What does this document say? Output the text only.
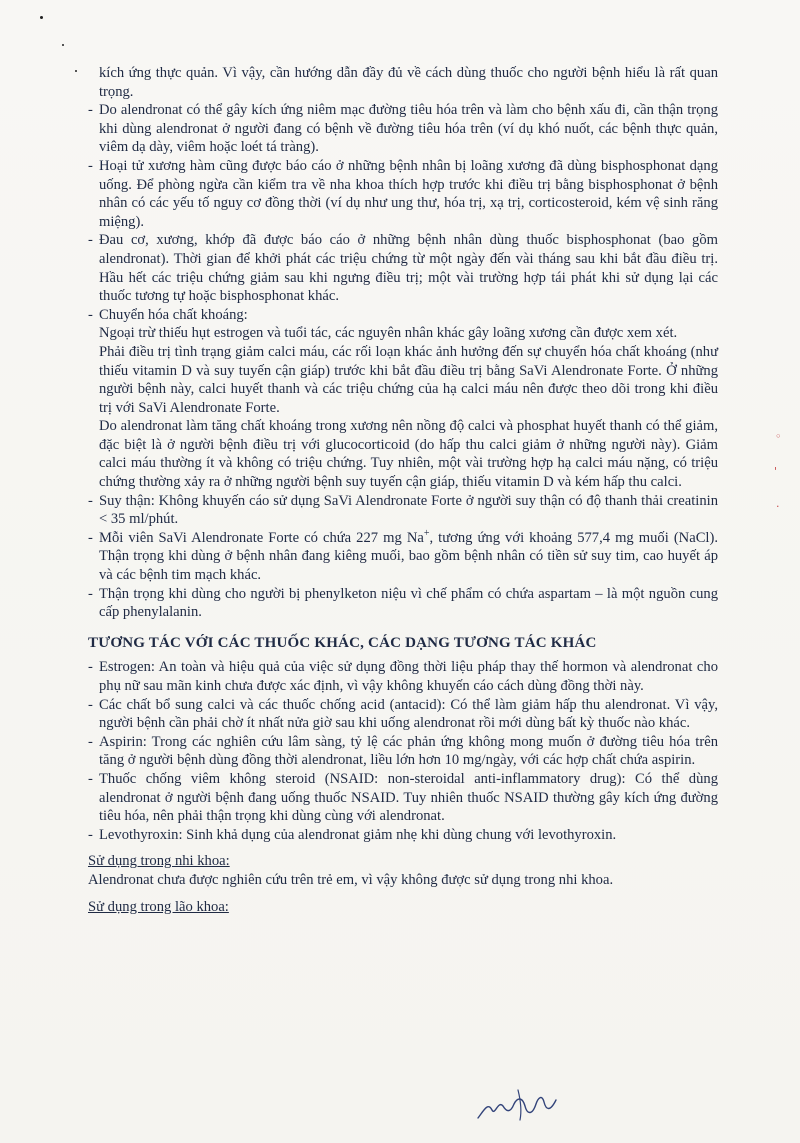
◦
'
·

kích ứng thực quản. Vì vậy, cần hướng dẫn đầy đủ về cách dùng thuốc cho người bệnh hiểu là rất quan trọng.

- Do alendronat có thể gây kích ứng niêm mạc đường tiêu hóa trên và làm cho bệnh xấu đi, cần thận trọng khi dùng alendronat ở người đang có bệnh về đường tiêu hóa trên (ví dụ khó nuốt, các bệnh thực quản, viêm dạ dày, viêm hoặc loét tá tràng).

- Hoại tử xương hàm cũng được báo cáo ở những bệnh nhân bị loãng xương đã dùng bisphosphonat dạng uống. Để phòng ngừa cần kiểm tra về nha khoa thích hợp trước khi điều trị bằng bisphosphonat ở bệnh nhân có các yếu tố nguy cơ đồng thời (ví dụ như ung thư, hóa trị, xạ trị, corticosteroid, kém vệ sinh răng miệng).

- Đau cơ, xương, khớp đã được báo cáo ở những bệnh nhân dùng thuốc bisphosphonat (bao gồm alendronat). Thời gian để khởi phát các triệu chứng từ một ngày đến vài tháng sau khi bắt đầu điều trị. Hầu hết các triệu chứng giảm sau khi ngưng điều trị; một vài trường hợp tái phát khi sử dụng lại các thuốc tương tự hoặc bisphosphonat khác.

- Chuyển hóa chất khoáng:

Ngoại trừ thiếu hụt estrogen và tuổi tác, các nguyên nhân khác gây loãng xương cần được xem xét.

Phải điều trị tình trạng giảm calci máu, các rối loạn khác ảnh hưởng đến sự chuyển hóa chất khoáng (như thiếu vitamin D và suy tuyến cận giáp) trước khi bắt đầu điều trị bằng SaVi Alendronate Forte. Ở những người bệnh này, calci huyết thanh và các triệu chứng của hạ calci máu nên được theo dõi trong khi điều trị với SaVi Alendronate Forte.

Do alendronat làm tăng chất khoáng trong xương nên nồng độ calci và phosphat huyết thanh có thể giảm, đặc biệt là ở người bệnh điều trị với glucocorticoid (do hấp thu calci giảm ở những người này). Giảm calci máu thường ít và không có triệu chứng. Tuy nhiên, một vài trường hợp hạ calci máu nặng, có triệu chứng thường xảy ra ở những người bệnh suy tuyến cận giáp, thiếu vitamin D và kém hấp thu calci.

- Suy thận: Không khuyến cáo sử dụng SaVi Alendronate Forte ở người suy thận có độ thanh thải creatinin < 35 ml/phút.

- Mỗi viên SaVi Alendronate Forte có chứa 227 mg Na+, tương ứng với khoảng 577,4 mg muối (NaCl). Thận trọng khi dùng ở bệnh nhân đang kiêng muối, bao gồm bệnh nhân có tiền sử suy tim, cao huyết áp và các bệnh tim mạch khác.

- Thận trọng khi dùng cho người bị phenylketon niệu vì chế phẩm có chứa aspartam – là một nguồn cung cấp phenylalanin.

TƯƠNG TÁC VỚI CÁC THUỐC KHÁC, CÁC DẠNG TƯƠNG TÁC KHÁC

- Estrogen: An toàn và hiệu quả của việc sử dụng đồng thời liệu pháp thay thế hormon và alendronat cho phụ nữ sau mãn kinh chưa được xác định, vì vậy không khuyến cáo cách dùng đồng thời này.

- Các chất bổ sung calci và các thuốc chống acid (antacid): Có thể làm giảm hấp thu alendronat. Vì vậy, người bệnh cần phải chờ ít nhất nửa giờ sau khi uống alendronat rồi mới dùng bất kỳ thuốc nào khác.

- Aspirin: Trong các nghiên cứu lâm sàng, tỷ lệ các phản ứng không mong muốn ở đường tiêu hóa trên tăng ở người bệnh dùng đồng thời alendronat, liều lớn hơn 10 mg/ngày, với các hợp chất chứa aspirin.

- Thuốc chống viêm không steroid (NSAID: non-steroidal anti-inflammatory drug): Có thể dùng alendronat ở người bệnh đang uống thuốc NSAID. Tuy nhiên thuốc NSAID thường gây kích ứng đường tiêu hóa, nên phải thận trọng khi dùng cùng với alendronat.

- Levothyroxin: Sinh khả dụng của alendronat giảm nhẹ khi dùng chung với levothyroxin.

Sử dụng trong nhi khoa:

Alendronat chưa được nghiên cứu trên trẻ em, vì vậy không được sử dụng trong nhi khoa.

Sử dụng trong lão khoa:
